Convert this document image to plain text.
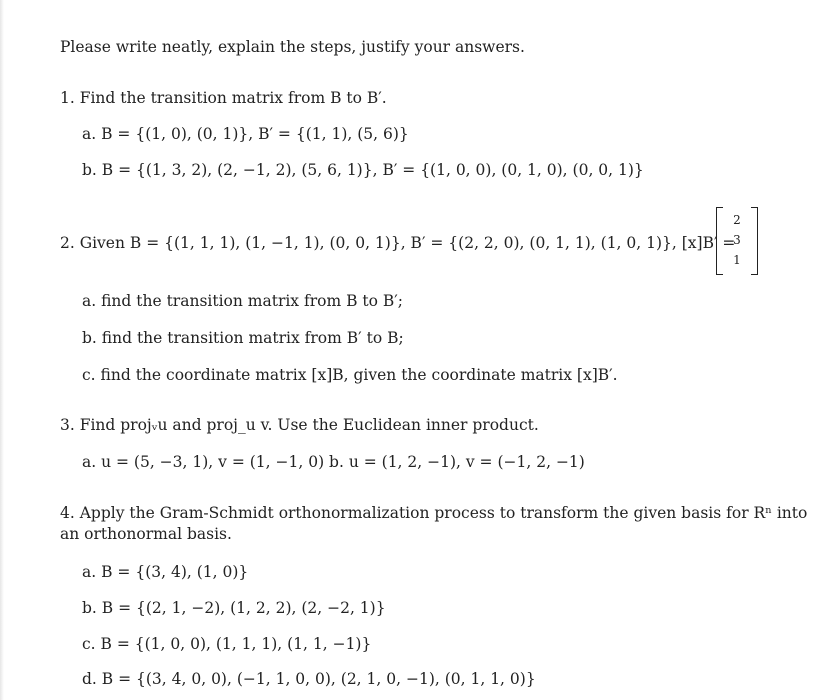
Please write neatly, explain the steps, justify your answers.
1. Find the transition matrix from B to B′.
a. B = {(1, 0), (0, 1)}, B′ = {(1, 1), (5, 6)}
b. B = {(1, 3, 2), (2, −1, 2), (5, 6, 1)}, B′ = {(1, 0, 0), (0, 1, 0), (0, 0, 1)}
2. Given B = {(1, 1, 1), (1, −1, 1), (0, 0, 1)}, B′ = {(2, 2, 0), (0, 1, 1), (1, 0, 1)}, [x]B′ =
2
3
1
a. find the transition matrix from B to B′;
b. find the transition matrix from B′ to B;
c. find the coordinate matrix [x]B, given the coordinate matrix [x]B′.
3. Find projᵥu and proj_u v. Use the Euclidean inner product.
a. u = (5, −3, 1), v = (1, −1, 0) b. u = (1, 2, −1), v = (−1, 2, −1)
4. Apply the Gram-Schmidt orthonormalization process to transform the given basis for Rⁿ into
an orthonormal basis.
a. B = {(3, 4), (1, 0)}
b. B = {(2, 1, −2), (1, 2, 2), (2, −2, 1)}
c. B = {(1, 0, 0), (1, 1, 1), (1, 1, −1)}
d. B = {(3, 4, 0, 0), (−1, 1, 0, 0), (2, 1, 0, −1), (0, 1, 1, 0)}
